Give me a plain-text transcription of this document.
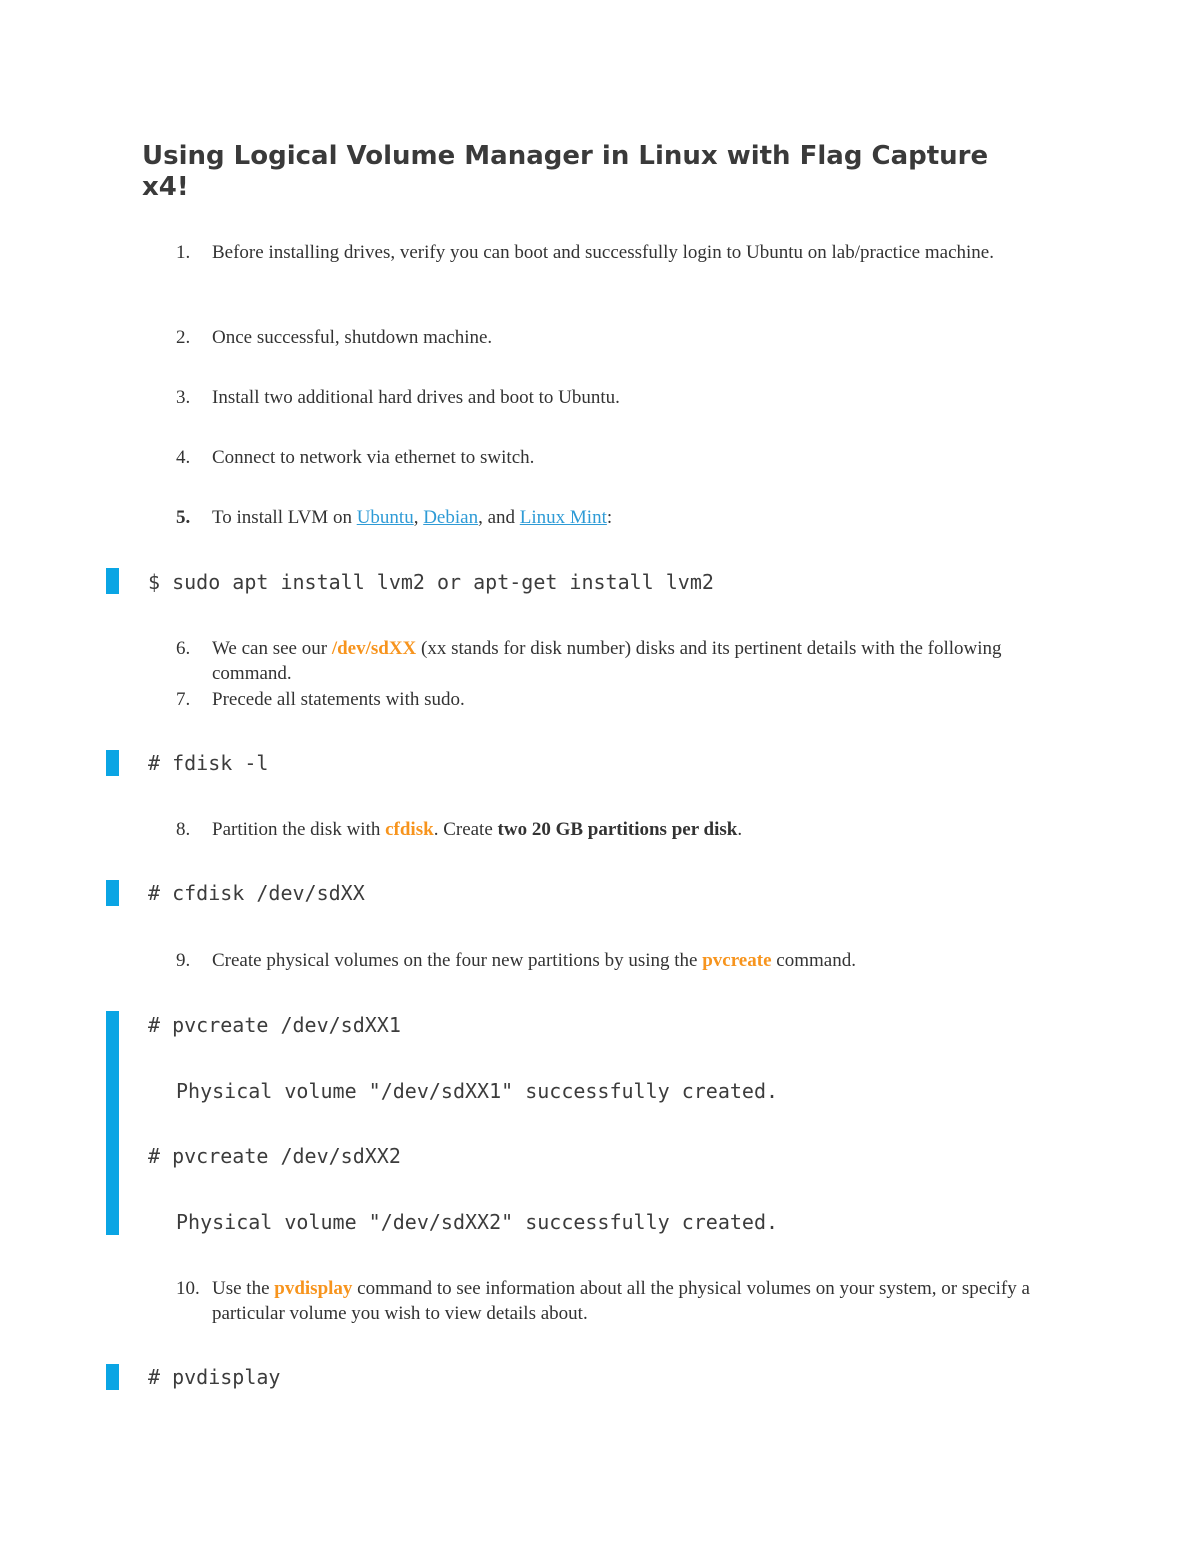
Using Logical Volume Manager in Linux with Flag Capture x4!
1.	Before installing drives, verify you can boot and successfully login to Ubuntu on lab/practice machine.
2.	Once successful, shutdown machine.
3.	Install two additional hard drives and boot to Ubuntu.
4.	Connect to network via ethernet to switch.
5.	To install LVM on Ubuntu, Debian, and Linux Mint:
$ sudo apt install lvm2 or apt-get install lvm2
6.	We can see our /dev/sdXX (xx stands for disk number) disks and its pertinent details with the following command.
7.	Precede all statements with sudo.
# fdisk -l
8.	Partition the disk with cfdisk. Create two 20 GB partitions per disk.
# cfdisk /dev/sdXX
9.	Create physical volumes on the four new partitions by using the pvcreate command.
# pvcreate /dev/sdXX1
Physical volume "/dev/sdXX1" successfully created.
# pvcreate /dev/sdXX2
Physical volume "/dev/sdXX2" successfully created.
10. Use the pvdisplay command to see information about all the physical volumes on your system, or specify a particular volume you wish to view details about.
# pvdisplay
